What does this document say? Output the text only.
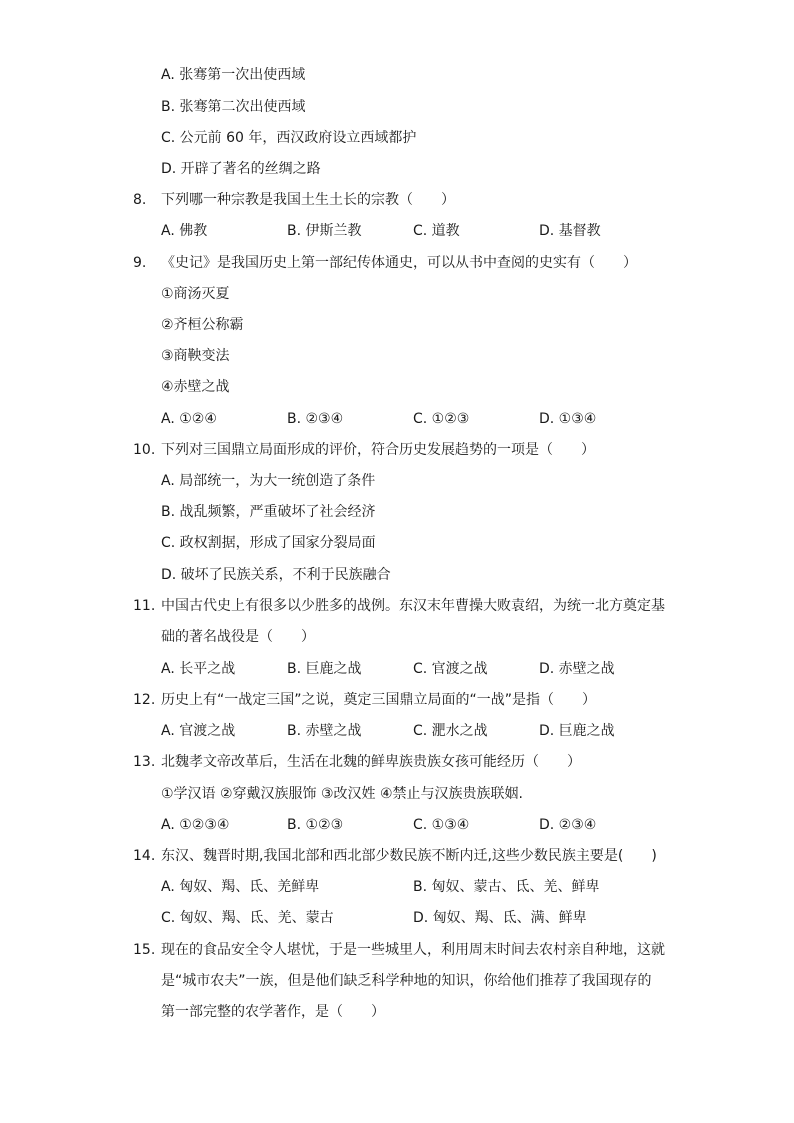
A. 张骞第一次出使西域
B. 张骞第二次出使西域
C. 公元前 60 年，西汉政府设立西域都护
D. 开辟了著名的丝绸之路
8. 下列哪一种宗教是我国土生土长的宗教（　　）
A. 佛教	B. 伊斯兰教	C. 道教	D. 基督教
9. 《史记》是我国历史上第一部纪传体通史，可以从书中查阅的史实有（　　）
①商汤灭夏
②齐桓公称霸
③商鞅变法
④赤壁之战
A. ①②④	B. ②③④	C. ①②③	D. ①③④
10. 下列对三国鼎立局面形成的评价，符合历史发展趋势的一项是（　　）
A. 局部统一，为大一统创造了条件
B. 战乱频繁，严重破坏了社会经济
C. 政权割据，形成了国家分裂局面
D. 破坏了民族关系，不利于民族融合
11. 中国古代史上有很多以少胜多的战例。东汉末年曹操大败袁绍，为统一北方奠定基
础的著名战役是（　　）
A. 长平之战	B. 巨鹿之战	C. 官渡之战	D. 赤壁之战
12. 历史上有“一战定三国”之说，奠定三国鼎立局面的“一战”是指（　　）
A. 官渡之战	B. 赤壁之战	C. 淝水之战	D. 巨鹿之战
13. 北魏孝文帝改革后，生活在北魏的鲜卑族贵族女孩可能经历（　　）
①学汉语 ②穿戴汉族服饰 ③改汉姓 ④禁止与汉族贵族联姻.
A. ①②③④	B. ①②③	C. ①③④	D. ②③④
14. 东汉、魏晋时期,我国北部和西北部少数民族不断内迁,这些少数民族主要是(　　)
A. 匈奴、羯、氐、羌鲜卑	B. 匈奴、蒙古、氐、羌、鲜卑
C. 匈奴、羯、氐、羌、蒙古	D. 匈奴、羯、氐、满、鲜卑
15. 现在的食品安全令人堪忧，于是一些城里人，利用周末时间去农村亲自种地，这就
是“城市农夫”一族，但是他们缺乏科学种地的知识，你给他们推荐了我国现存的
第一部完整的农学著作，是（　　）
